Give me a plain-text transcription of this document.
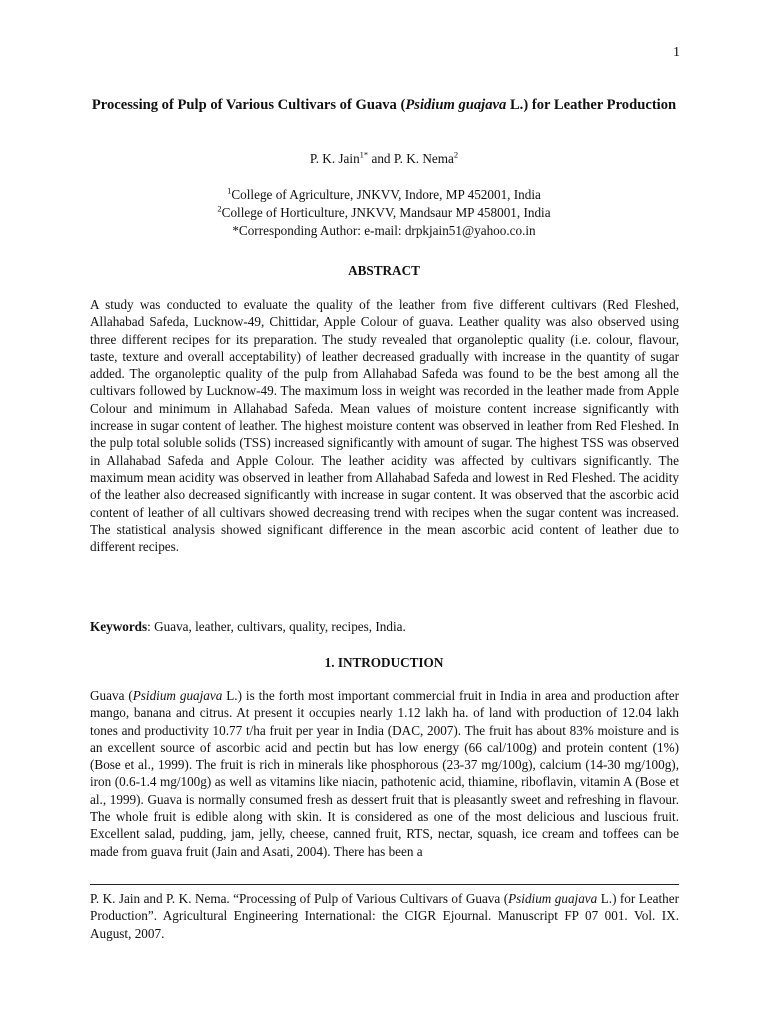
1
Processing of Pulp of Various Cultivars of Guava (Psidium guajava L.) for Leather Production
P. K. Jain$^{1*}$ and P. K. Nema$^2$
$^1$College of Agriculture, JNKVV, Indore, MP 452001, India
$^2$College of Horticulture, JNKVV, Mandsaur MP 458001, India
*Corresponding Author: e-mail: drpkjain51@yahoo.co.in
ABSTRACT
A study was conducted to evaluate the quality of the leather from five different cultivars (Red Fleshed, Allahabad Safeda, Lucknow-49, Chittidar, Apple Colour of guava. Leather quality was also observed using three different recipes for its preparation. The study revealed that organoleptic quality (i.e. colour, flavour, taste, texture and overall acceptability) of leather decreased gradually with increase in the quantity of sugar added. The organoleptic quality of the pulp from Allahabad Safeda was found to be the best among all the cultivars followed by Lucknow-49. The maximum loss in weight was recorded in the leather made from Apple Colour and minimum in Allahabad Safeda. Mean values of moisture content increase significantly with increase in sugar content of leather. The highest moisture content was observed in leather from Red Fleshed. In the pulp total soluble solids (TSS) increased significantly with amount of sugar. The highest TSS was observed in Allahabad Safeda and Apple Colour. The leather acidity was affected by cultivars significantly. The maximum mean acidity was observed in leather from Allahabad Safeda and lowest in Red Fleshed. The acidity of the leather also decreased significantly with increase in sugar content. It was observed that the ascorbic acid content of leather of all cultivars showed decreasing trend with recipes when the sugar content was increased. The statistical analysis showed significant difference in the mean ascorbic acid content of leather due to different recipes.
Keywords: Guava, leather, cultivars, quality, recipes, India.
1. INTRODUCTION
Guava (Psidium guajava L.) is the forth most important commercial fruit in India in area and production after mango, banana and citrus. At present it occupies nearly 1.12 lakh ha. of land with production of 12.04 lakh tones and productivity 10.77 t/ha fruit per year in India (DAC, 2007). The fruit has about 83% moisture and is an excellent source of ascorbic acid and pectin but has low energy (66 cal/100g) and protein content (1%) (Bose et al., 1999). The fruit is rich in minerals like phosphorous (23-37 mg/100g), calcium (14-30 mg/100g), iron (0.6-1.4 mg/100g) as well as vitamins like niacin, pathotenic acid, thiamine, riboflavin, vitamin A (Bose et al., 1999). Guava is normally consumed fresh as dessert fruit that is pleasantly sweet and refreshing in flavour. The whole fruit is edible along with skin. It is considered as one of the most delicious and luscious fruit. Excellent salad, pudding, jam, jelly, cheese, canned fruit, RTS, nectar, squash, ice cream and toffees can be made from guava fruit (Jain and Asati, 2004). There has been a
P. K. Jain and P. K. Nema. “Processing of Pulp of Various Cultivars of Guava (Psidium guajava L.) for Leather Production”. Agricultural Engineering International: the CIGR Ejournal. Manuscript FP 07 001. Vol. IX. August, 2007.
